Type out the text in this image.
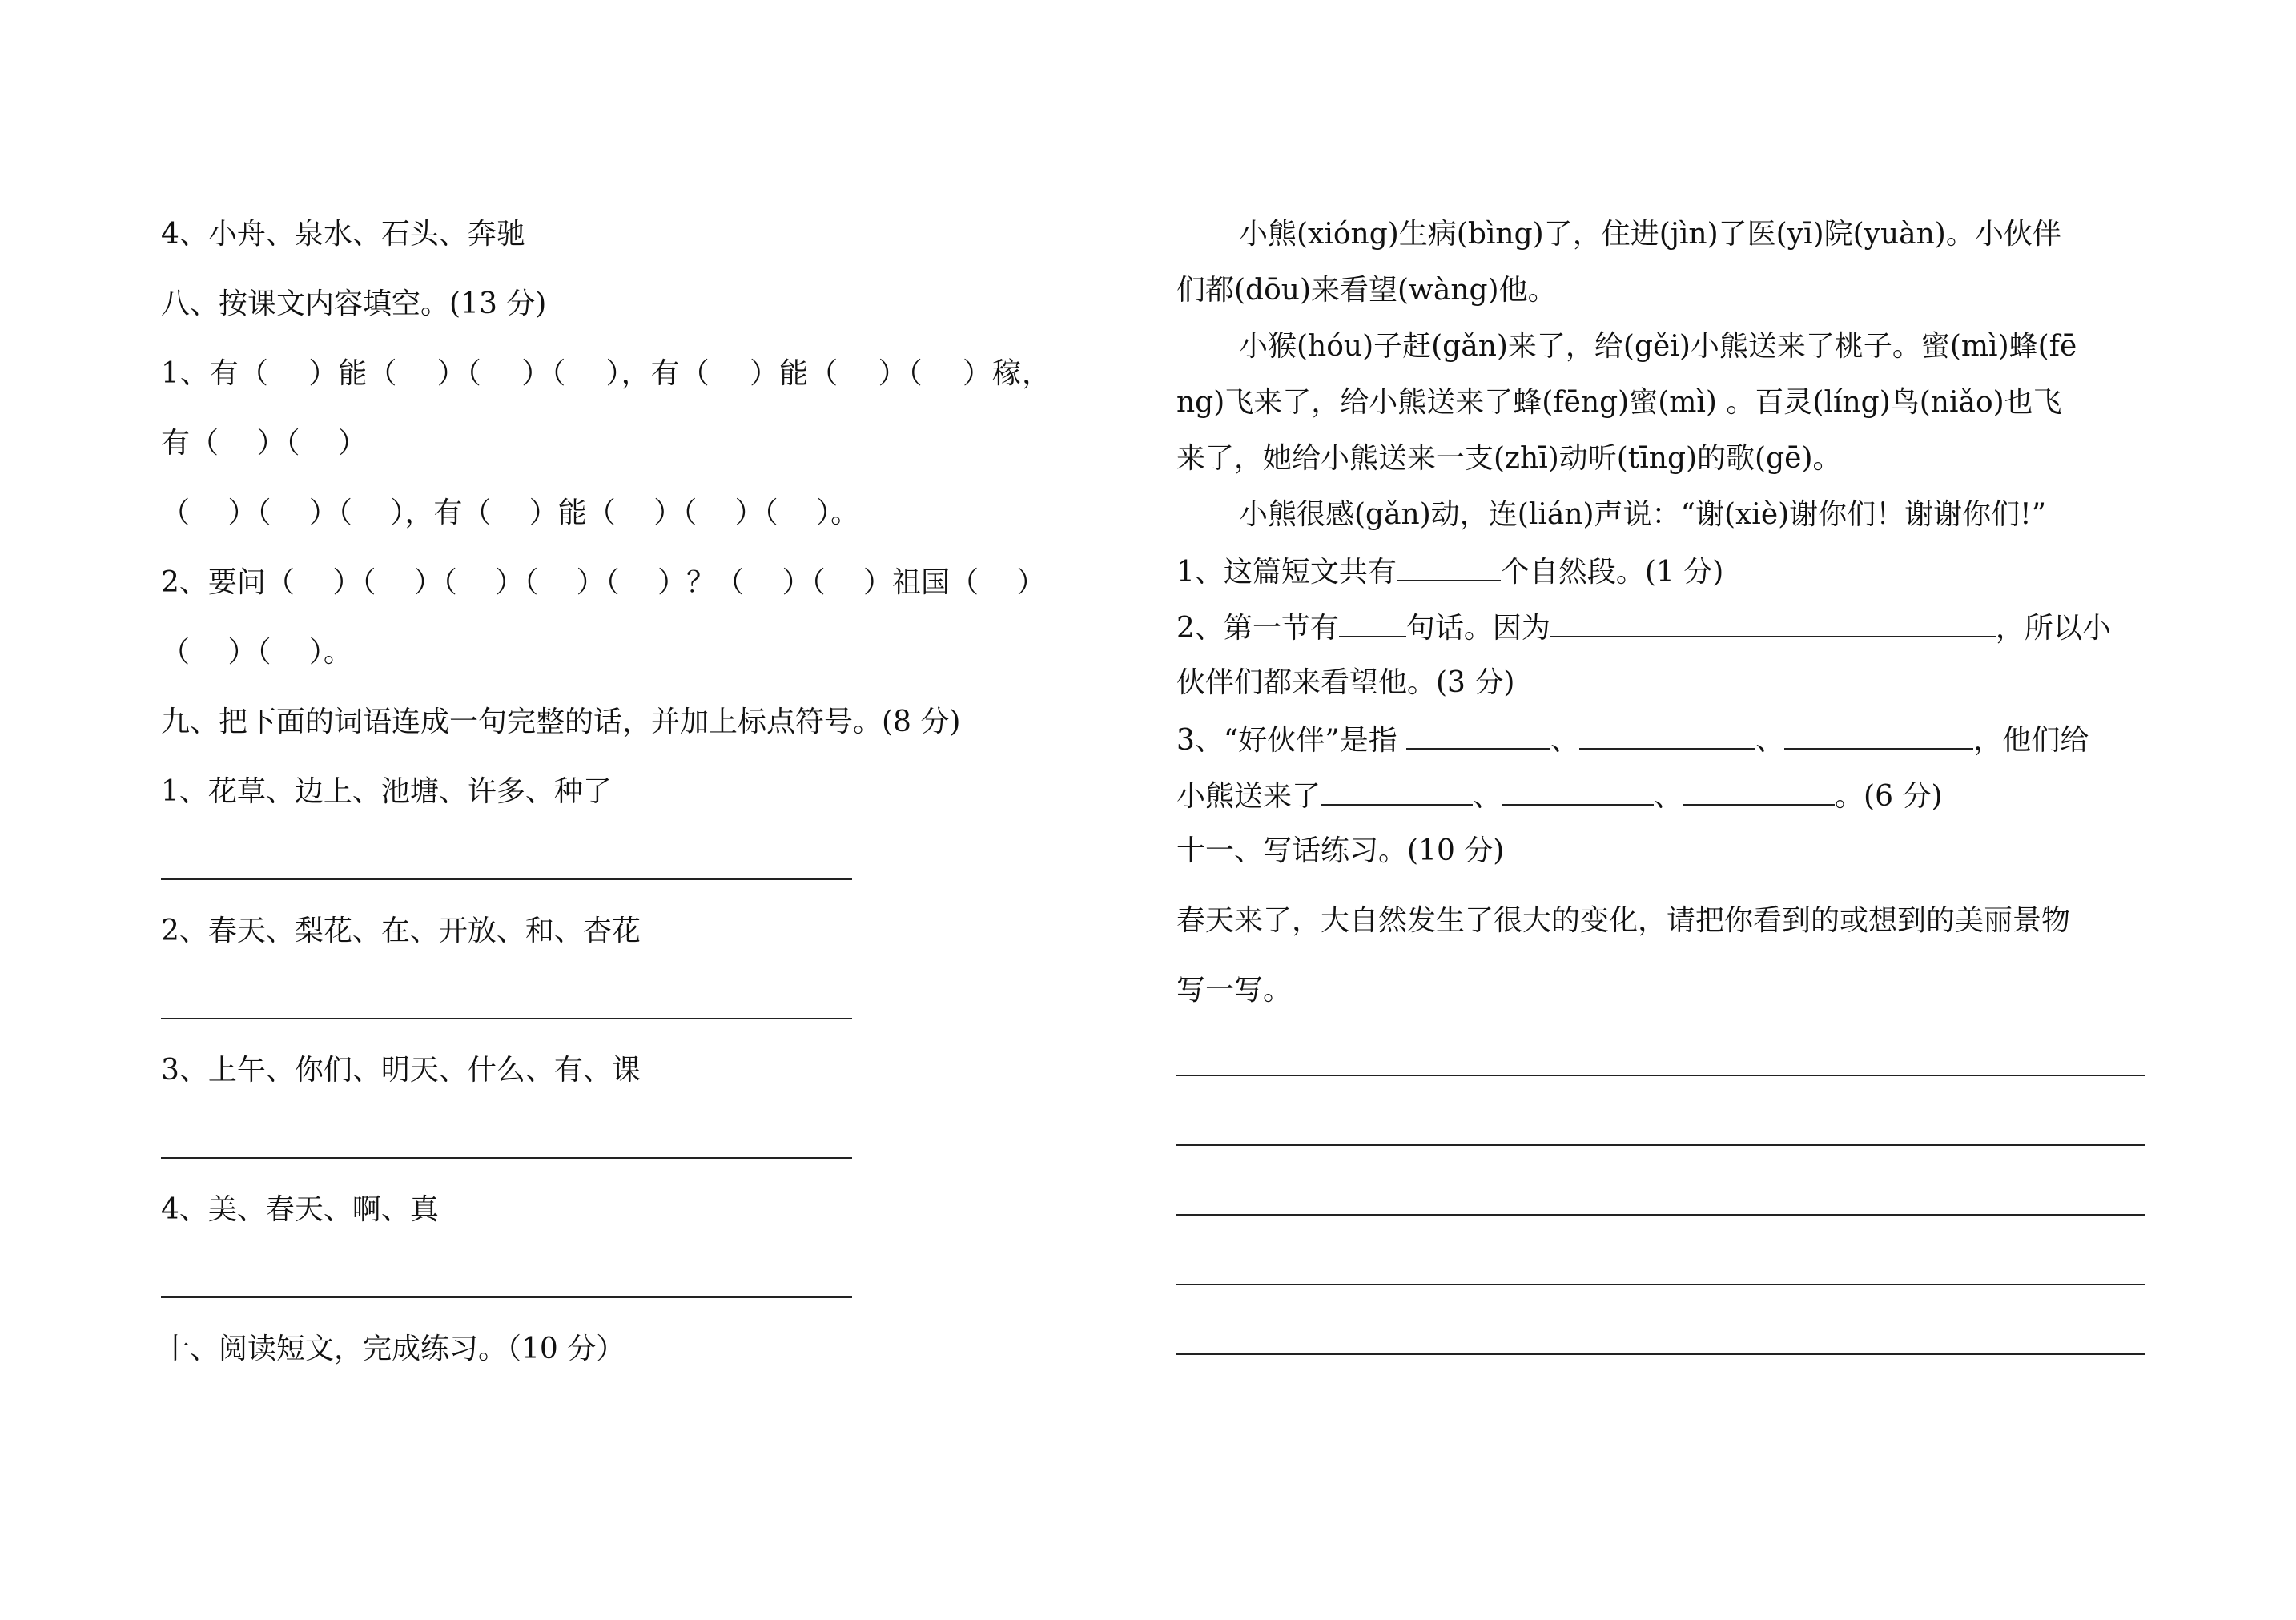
4、小舟、泉水、石头、奔驰

八、按课文内容填空。(13 分)

1、有（　 ）能（　 ）（　 ）（　 ），有（　 ）能（　 ）（　 ）稼，

有（　 ）（　 ）

（　 ）（　 ）（　 ），有（　 ）能（　 ）（　 ）（　 ）。

2、要问（　 ）（　 ）（　 ）（　 ）（　 ）？（　 ）（　 ）祖国（　 ）

（　 ）（　 ）。

九、把下面的词语连成一句完整的话，并加上标点符号。(8 分)

1、花草、边上、池塘、许多、种了

2、春天、梨花、在、开放、和、杏花

3、上午、你们、明天、什么、有、课

4、美、春天、啊、真

十、阅读短文，完成练习。（10 分）

小熊(xióng)生病(bìng)了，住进(jìn)了医(yī)院(yuàn)。小伙伴

们都(dōu)来看望(wàng)他。

小猴(hóu)子赶(gǎn)来了，给(gěi)小熊送来了桃子。蜜(mì)蜂(fē

ng)飞来了，给小熊送来了蜂(fēng)蜜(mì) 。百灵(líng)鸟(niǎo)也飞

来了，她给小熊送来一支(zhī)动听(tīng)的歌(gē)。

小熊很感(gǎn)动，连(lián)声说：“谢(xiè)谢你们！谢谢你们!”

1、这篇短文共有	个自然段。(1 分)

2、第一节有 句话。因为	，所以小

伙伴们都来看望他。(3 分)

3、“好伙伴”是指	、	、	，他们给

小熊送来了	、	、	。(6 分)

十一、写话练习。(10 分)

春天来了，大自然发生了很大的变化，请把你看到的或想到的美丽景物

写一写。
